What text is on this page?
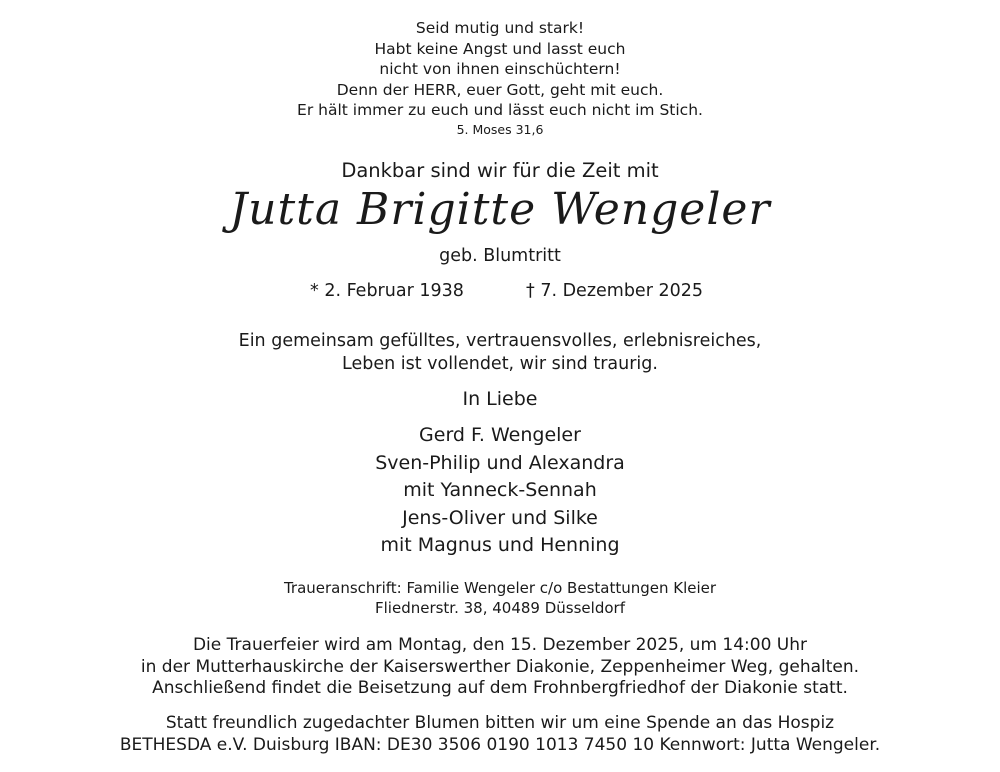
Seid mutig und stark!
Habt keine Angst und lasst euch
nicht von ihnen einschüchtern!
Denn der HERR, euer Gott, geht mit euch.
Er hält immer zu euch und lässt euch nicht im Stich.
5. Moses 31,6
Dankbar sind wir für die Zeit mit
Jutta Brigitte Wengeler
geb. Blumtritt
* 2. Februar 1938	† 7. Dezember 2025
Ein gemeinsam gefülltes, vertrauensvolles, erlebnisreiches,
Leben ist vollendet, wir sind traurig.
In Liebe
Gerd F. Wengeler
Sven-Philip und Alexandra
mit Yanneck-Sennah
Jens-Oliver und Silke
mit Magnus und Henning
Traueranschrift: Familie Wengeler c/o Bestattungen Kleier
Fliednerstr. 38, 40489 Düsseldorf
Die Trauerfeier wird am Montag, den 15. Dezember 2025, um 14:00 Uhr
in der Mutterhauskirche der Kaiserswerther Diakonie, Zeppenheimer Weg, gehalten.
Anschließend findet die Beisetzung auf dem Frohnbergfriedhof der Diakonie statt.
Statt freundlich zugedachter Blumen bitten wir um eine Spende an das Hospiz
BETHESDA e.V. Duisburg IBAN: DE30 3506 0190 1013 7450 10 Kennwort: Jutta Wengeler.
